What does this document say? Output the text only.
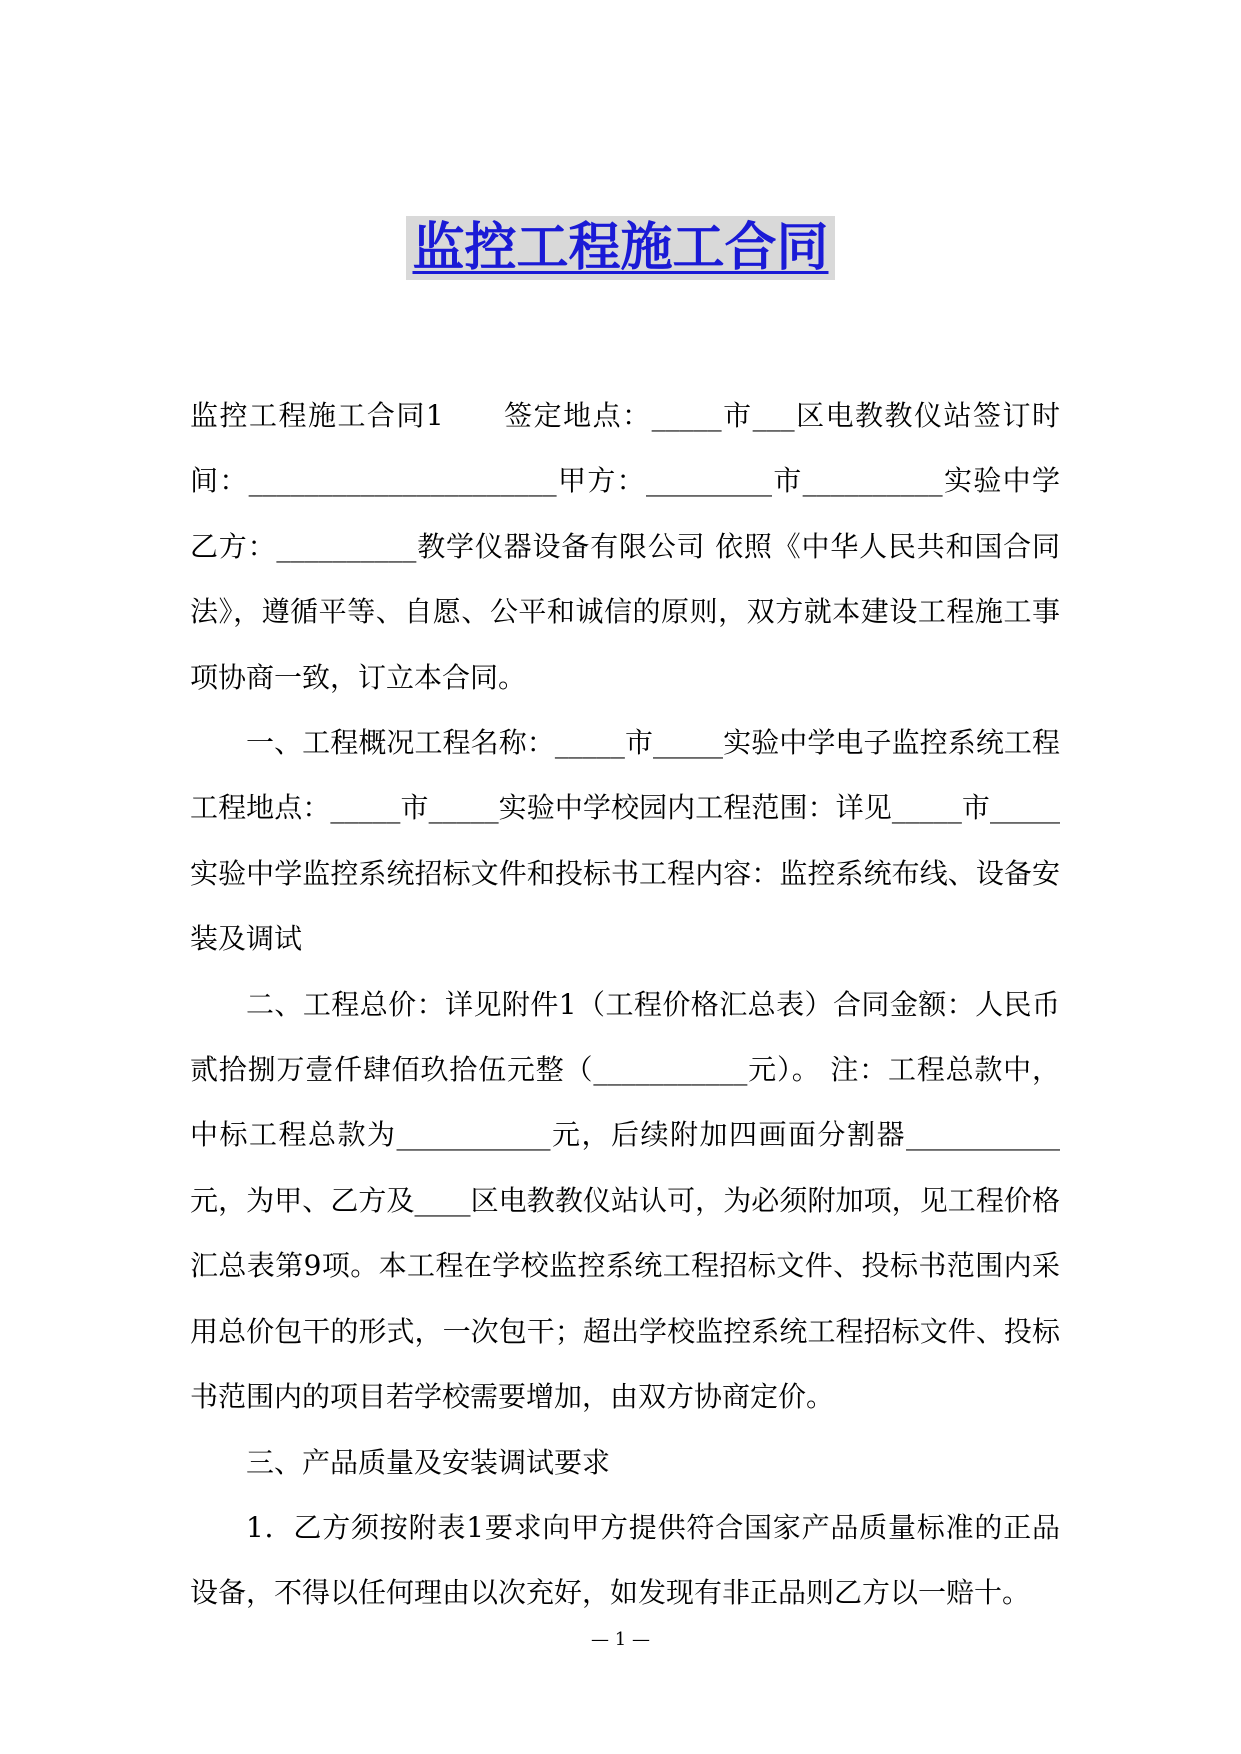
监控工程施工合同

监控工程施工合同1　　签定地点：_____市___区电教教仪站签订时间：______________________甲方：_________市__________实验中学乙方：__________教学仪器设备有限公司 依照《中华人民共和国合同法》，遵循平等、自愿、公平和诚信的原则，双方就本建设工程施工事项协商一致，订立本合同。

一、工程概况工程名称：_____市_____实验中学电子监控系统工程工程地点：_____市_____实验中学校园内工程范围：详见_____市_____实验中学监控系统招标文件和投标书工程内容：监控系统布线、设备安装及调试

二、工程总价：详见附件1（工程价格汇总表）合同金额：人民币贰拾捌万壹仟肆佰玖拾伍元整（___________元）。 注：工程总款中，中标工程总款为___________元，后续附加四画面分割器___________元，为甲、乙方及____区电教教仪站认可，为必须附加项，见工程价格汇总表第9项。本工程在学校监控系统工程招标文件、投标书范围内采用总价包干的形式，一次包干；超出学校监控系统工程招标文件、投标书范围内的项目若学校需要增加，由双方协商定价。

三、产品质量及安装调试要求

1．乙方须按附表1要求向甲方提供符合国家产品质量标准的正品设备，不得以任何理由以次充好，如发现有非正品则乙方以一赔十。

— 1 —
